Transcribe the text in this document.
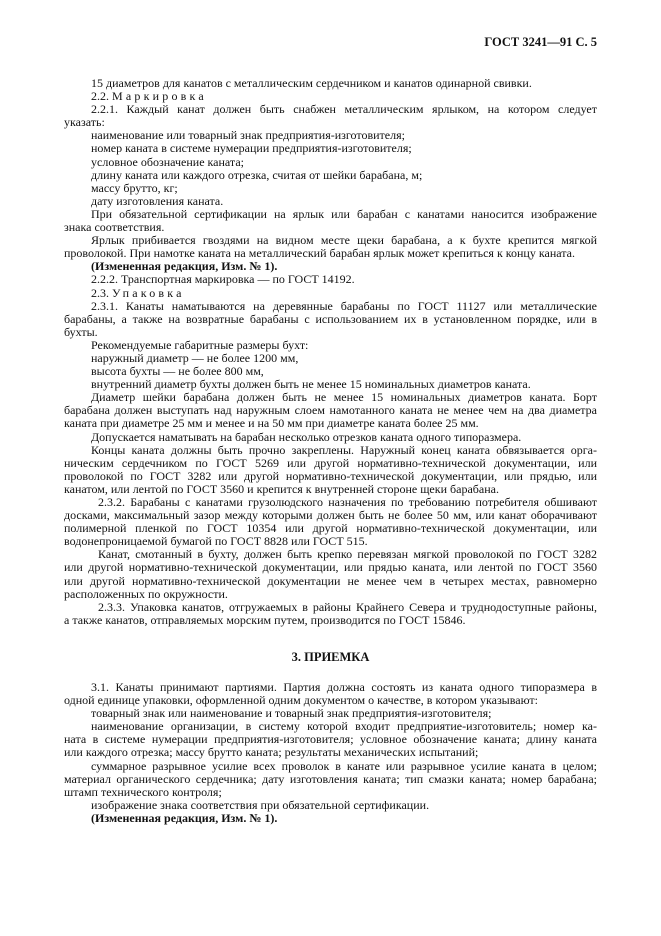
ГОСТ 3241—91 С. 5
15 диаметров для канатов с металлическим сердечником и канатов одинарной свивки.
2.2. Маркировка
2.2.1. Каждый канат должен быть снабжен металлическим ярлыком, на котором следует
указать:
наименование или товарный знак предприятия-изготовителя;
номер каната в системе нумерации предприятия-изготовителя;
условное обозначение каната;
длину каната или каждого отрезка, считая от шейки барабана, м;
массу брутто, кг;
дату изготовления каната.
При обязательной сертификации на ярлык или барабан с канатами наносится изображение
знака соответствия.
Ярлык прибивается гвоздями на видном месте щеки барабана, а к бухте крепится мягкой
проволокой. При намотке каната на металлический барабан ярлык может крепиться к концу каната.
(Измененная редакция, Изм. № 1).
2.2.2. Транспортная маркировка — по ГОСТ 14192.
2.3. Упаковка
2.3.1. Канаты наматываются на деревянные барабаны по ГОСТ 11127 или металлические
барабаны, а также на возвратные барабаны с использованием их в установленном порядке, или в
бухты.
Рекомендуемые габаритные размеры бухт:
наружный диаметр — не более 1200 мм,
высота бухты — не более 800 мм,
внутренний диаметр бухты должен быть не менее 15 номинальных диаметров каната.
Диаметр шейки барабана должен быть не менее 15 номинальных диаметров каната. Борт
барабана должен выступать над наружным слоем намотанного каната не менее чем на два диаметра
каната при диаметре 25 мм и менее и на 50 мм при диаметре каната более 25 мм.
Допускается наматывать на барабан несколько отрезков каната одного типоразмера.
Концы каната должны быть прочно закреплены. Наружный конец каната обвязывается орга-
ническим сердечником по ГОСТ 5269 или другой нормативно-технической документации, или
проволокой по ГОСТ 3282 или другой нормативно-технической документации, или прядью, или
канатом, или лентой по ГОСТ 3560 и крепится к внутренней стороне щеки барабана.
2.3.2. Барабаны с канатами грузолюдского назначения по требованию потребителя обшивают
досками, максимальный зазор между которыми должен быть не более 50 мм, или канат оборачивают
полимерной пленкой по ГОСТ 10354 или другой нормативно-технической документации, или
водонепроницаемой бумагой по ГОСТ 8828 или ГОСТ 515.
Канат, смотанный в бухту, должен быть крепко перевязан мягкой проволокой по ГОСТ 3282
или другой нормативно-технической документации, или прядью каната, или лентой по ГОСТ 3560
или другой нормативно-технической документации не менее чем в четырех местах, равномерно
расположенных по окружности.
2.3.3. Упаковка канатов, отгружаемых в районы Крайнего Севера и труднодоступные районы,
а также канатов, отправляемых морским путем, производится по ГОСТ 15846.
3. ПРИЕМКА
3.1. Канаты принимают партиями. Партия должна состоять из каната одного типоразмера в
одной единице упаковки, оформленной одним документом о качестве, в котором указывают:
товарный знак или наименование и товарный знак предприятия-изготовителя;
наименование организации, в систему которой входит предприятие-изготовитель; номер ка-
ната в системе нумерации предприятия-изготовителя; условное обозначение каната; длину каната
или каждого отрезка; массу брутто каната; результаты механических испытаний;
суммарное разрывное усилие всех проволок в канате или разрывное усилие каната в целом;
материал органического сердечника; дату изготовления каната; тип смазки каната; номер барабана;
штамп технического контроля;
изображение знака соответствия при обязательной сертификации.
(Измененная редакция, Изм. № 1).
